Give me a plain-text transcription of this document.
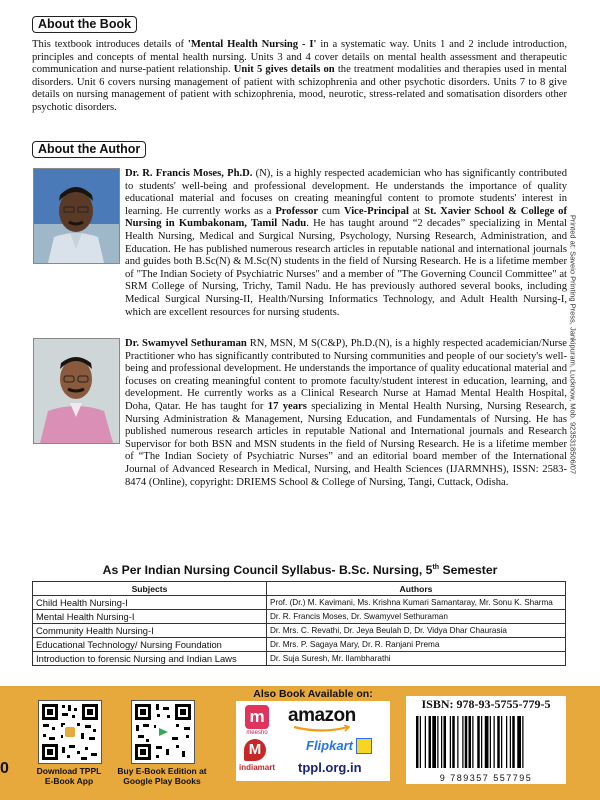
About the Book
This textbook introduces details of 'Mental Health Nursing - I' in a systematic way. Units 1 and 2 include introduction, principles and concepts of mental health nursing. Units 3 and 4 cover details on mental health assessment and therapeutic communication and nurse-patient relationship. Unit 5 gives details on the treatment modalities and therapies used in mental disorders. Unit 6 covers nursing management of patient with schizophrenia and other psychotic disorders. Units 7 to 8 give details on nursing management of patient with schizophrenia, mood, neurotic, stress-related and somatisation disorders other psychotic disorders.
About the Author
Dr. R. Francis Moses, Ph.D. (N), is a highly respected academician who has significantly contributed to students' well-being and professional development. He understands the importance of quality educational material and focuses on creating meaningful content to promote students' interest in learning. He currently works as a Professor cum Vice-Principal at St. Xavier School & College of Nursing in Kumbakonam, Tamil Nadu. He has taught around “2 decades” specializing in Mental Health Nursing, Medical and Surgical Nursing, Psychology, Nursing Research, Administration, and Education. He has published numerous research articles in reputable national and international journals and guides both B.Sc(N) & M.Sc(N) students in the field of Nursing Research. He is a lifetime member of "The Indian Society of Psychiatric Nurses" and a member of "The Governing Council Committee" at SRM College of Nursing, Trichy, Tamil Nadu. He has previously authored several books, including Medical Surgical Nursing-II, Health/Nursing Informatics Technology, and Adult Health Nursing-I, which are excellent resources for nursing students.
Dr. Swamyvel Sethuraman RN, MSN, M S(C&P), Ph.D.(N), is a highly respected academician/Nurse Practitioner who has significantly contributed to Nursing communities and people of our society's well- being and professional development. He understands the importance of quality educational material and focuses on creating meaningful content to promote faculty/student interest in education, learning, and development. He currently works as a Clinical Research Nurse at Hamad Mental Health Hospital, Doha, Qatar. He has taught for 17 years specializing in Mental Health Nursing, Nursing Research, Nursing Administration & Management, Nursing Education, and Fundamentals of Nursing. He has published numerous research articles in reputable National and International journals and Research Supervisor for both BSN and MSN students in the field of Nursing Research. He is a lifetime member of “The Indian Society of Psychiatric Nurses” and an editorial board member of the International Journal of Advanced Research in Medical, Nursing, and Health Sciences (IJARMNHS), ISSN: 2583-8474 (Online), copyright: DRIEMS School & College of Nursing, Tangi, Cuttack, Odisha.
Printed at: Saveio Printing Press, Jankipuram, Lucknow, Mob. 9235318506/07
As Per Indian Nursing Council Syllabus- B.Sc. Nursing, 5th Semester
Subjects	Authors
Child Health Nursing-I	Prof. (Dr.) M. Kavimani, Ms. Krishna Kumari Samantaray, Mr. Sonu K. Sharma
Mental Health Nursing-I	Dr. R. Francis Moses, Dr. Swamyvel Sethuraman
Community Health Nursing-I	Dr. Mrs. C. Revathi, Dr. Jeya Beulah D, Dr. Vidya Dhar Chaurasia
Educational Technology/ Nursing Foundation	Dr. Mrs. P. Sagaya Mary, Dr. R. Ranjani Prema
Introduction to forensic Nursing and Indian Laws	Dr. Suja Suresh, Mr. Ilambharathi
0	Download TPPL
E-Book App
Buy E-Book Edition at
Google Play Books
Also Book Available on:
m
meesho
amazon
M
indiamart
Flipkart
tppl.org.in
ISBN: 978-93-5755-779-5
9 789357 557795
